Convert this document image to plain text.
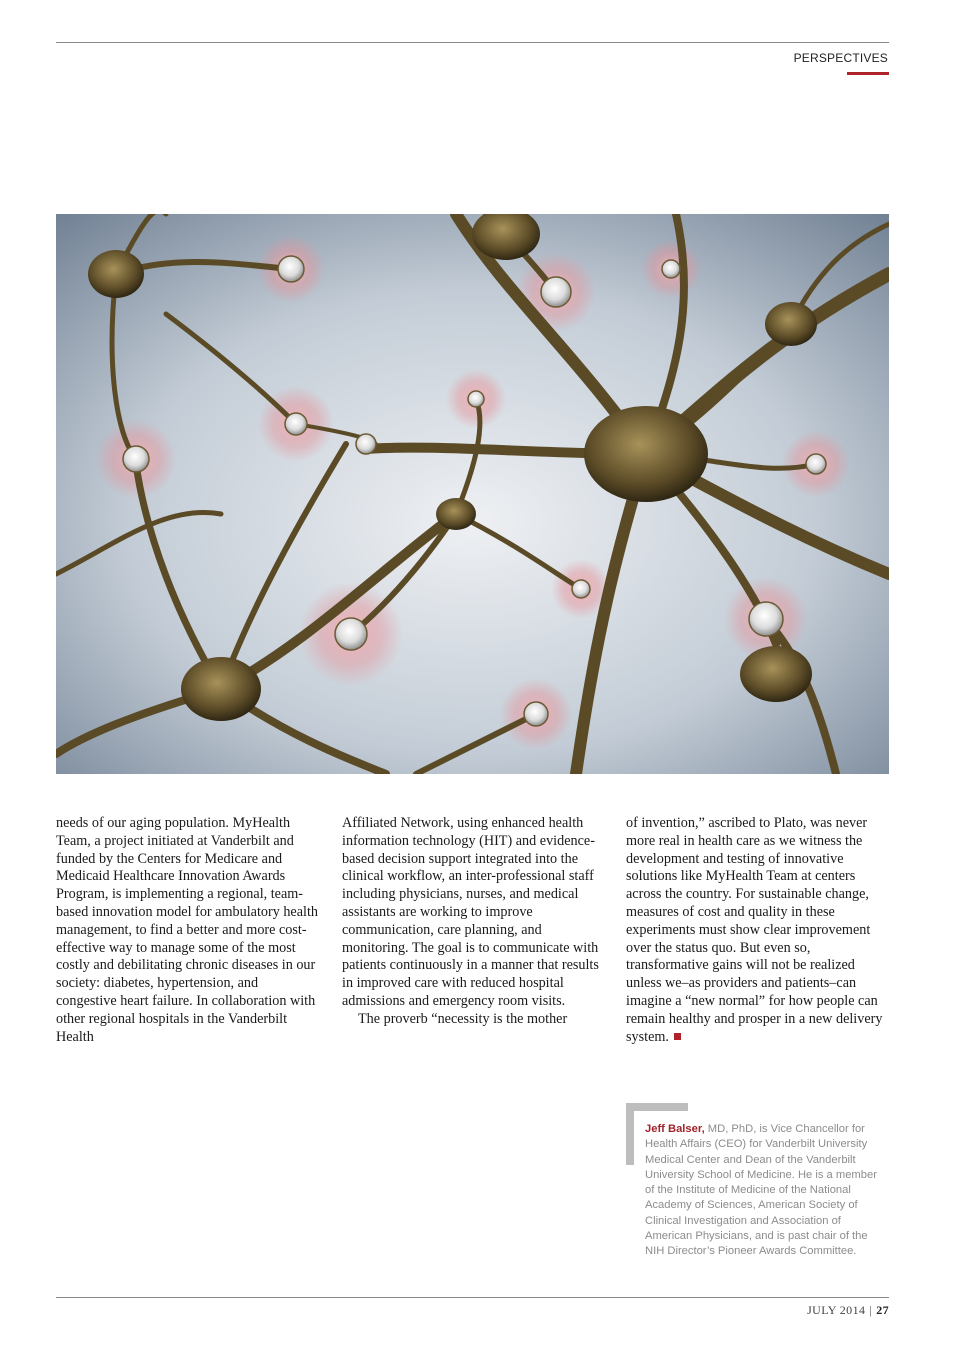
PERSPECTIVES

needs of our aging population. MyHealth Team, a project initiated at Vanderbilt and funded by the Centers for Medicare and Medicaid Healthcare Innovation Awards Program, is implementing a regional, team-based innovation model for ambulatory health management, to find a better and more cost-effective way to manage some of the most costly and debilitating chronic diseases in our society: diabetes, hypertension, and congestive heart failure. In collaboration with other regional hospitals in the Vanderbilt Health

Affiliated Network, using enhanced health information technology (HIT) and evidence-based decision support integrated into the clinical workflow, an inter-professional staff including physicians, nurses, and medical assistants are working to improve communication, care planning, and monitoring. The goal is to communicate with patients continuously in a manner that results in improved care with reduced hospital admissions and emergency room visits.

The proverb “necessity is the mother

of invention,” ascribed to Plato, was never more real in health care as we witness the development and testing of innovative solutions like MyHealth Team at centers across the country. For sustainable change, measures of cost and quality in these experiments must show clear improvement over the status quo. But even so, transformative gains will not be realized unless we–as providers and patients–can imagine a “new normal” for how people can remain healthy and prosper in a new delivery system.

Jeff Balser, MD, PhD, is Vice Chancellor for Health Affairs (CEO) for Vanderbilt University Medical Center and Dean of the Vanderbilt University School of Medicine. He is a member of the Institute of Medicine of the National Academy of Sciences, American Society of Clinical Investigation and Association of American Physicians, and is past chair of the NIH Director’s Pioneer Awards Committee.
JULY 2014 | 27
